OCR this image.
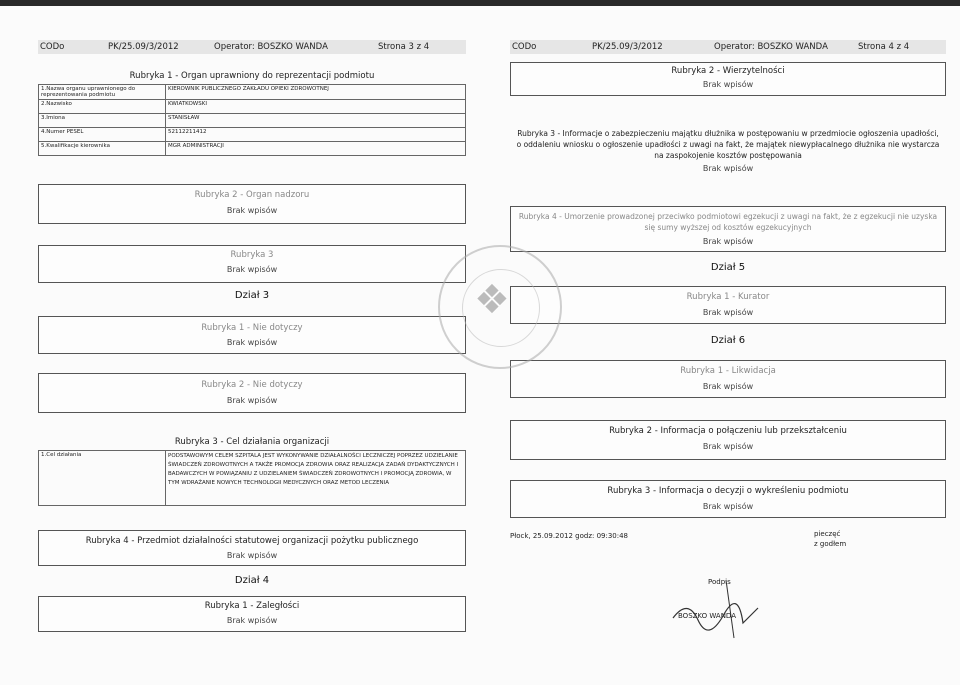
CODo	PK/25.09/3/2012	Operator: BOSZKO WANDA	Strona 3 z 4
Rubryka 1 - Organ uprawniony do reprezentacji podmiotu
1.Nazwa organu uprawnionego do reprezentowania podmiotu	KIEROWNIK PUBLICZNEGO ZAKŁADU OPIEKI ZDROWOTNEJ
2.Nazwisko	KWIATKOWSKI
3.Imiona	STANISŁAW
4.Numer PESEL	52112211412
5.Kwalifikacje kierownika	MGR ADMINISTRACJI
Rubryka 2 - Organ nadzoru
Brak wpisów
Rubryka 3
Brak wpisów
Dział 3
Rubryka 1 - Nie dotyczy
Brak wpisów
Rubryka 2 - Nie dotyczy
Brak wpisów
Rubryka 3 - Cel działania organizacji
1.Cel działania	PODSTAWOWYM CELEM SZPITALA JEST WYKONYWANIE DZIAŁALNOŚCI LECZNICZEJ POPRZEZ UDZIELANIE ŚWIADCZEŃ ZDROWOTNYCH A TAKŻE PROMOCJA ZDROWIA ORAZ REALIZACJA ZADAŃ DYDAKTYCZNYCH I BADAWCZYCH W POWIĄZANIU Z UDZIELANIEM ŚWIADCZEŃ ZDROWOTNYCH I PROMOCJĄ ZDROWIA, W TYM WDRAŻANIE NOWYCH TECHNOLOGII MEDYCZNYCH ORAZ METOD LECZENIA
Rubryka 4 - Przedmiot działalności statutowej organizacji pożytku publicznego
Brak wpisów
Dział 4
Rubryka 1 - Zaległości
Brak wpisów
CODo	PK/25.09/3/2012	Operator: BOSZKO WANDA	Strona 4 z 4
Rubryka 2 - Wierzytelności
Brak wpisów
Rubryka 3 - Informacje o zabezpieczeniu majątku dłużnika w postępowaniu w przedmiocie ogłoszenia upadłości, o oddaleniu wniosku o ogłoszenie upadłości z uwagi na fakt, że majątek niewypłacalnego dłużnika nie wystarcza na zaspokojenie kosztów postępowania
Brak wpisów
Rubryka 4 - Umorzenie prowadzonej przeciwko podmiotowi egzekucji z uwagi na fakt, że z egzekucji nie uzyska się sumy wyższej od kosztów egzekucyjnych
Brak wpisów
Dział 5
Rubryka 1 - Kurator
Brak wpisów
Dział 6
Rubryka 1 - Likwidacja
Brak wpisów
Rubryka 2 - Informacja o połączeniu lub przekształceniu
Brak wpisów
Rubryka 3 - Informacja o decyzji o wykreśleniu podmiotu
Brak wpisów
Płock, 25.09.2012 godz: 09:30:48	pieczęć
z godłem
❖
Podpis
BOSZKO WANDA
